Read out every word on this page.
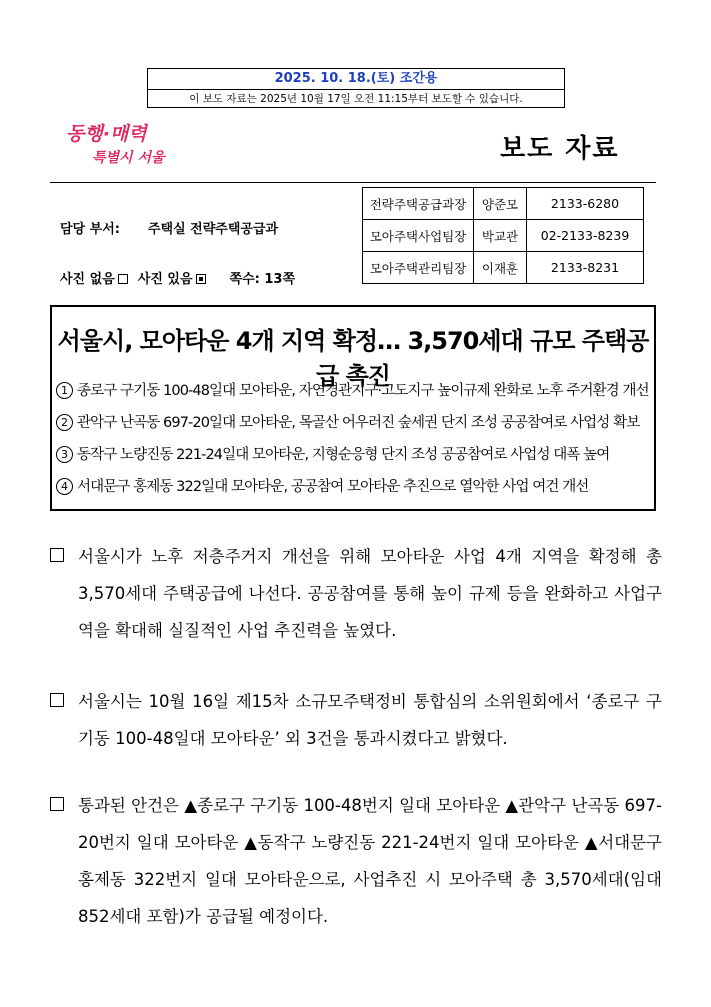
2025. 10. 18.(토) 조간용
이 보도 자료는 2025년 10월 17일 오전 11:15부터 보도할 수 있습니다.
동행·매력
특별시 서울	보도 자료
담당 부서: 주택실 전략주택공급과
사진 없음 사진 있음	쪽수: 13쪽
전략주택공급과장	양준모	2133-6280
모아주택사업팀장	박교관	02-2133-8239
모아주택관리팀장	이재훈	2133-8231
서울시, 모아타운 4개 지역 확정… 3,570세대 규모 주택공급 촉진
1 종로구 구기동 100-48일대 모아타운, 자연경관지구·고도지구 높이규제 완화로 노후 주거환경 개선
2 관악구 난곡동 697-20일대 모아타운, 목골산 어우러진 숲세권 단지 조성 공공참여로 사업성 확보
3 동작구 노량진동 221-24일대 모아타운, 지형순응형 단지 조성 공공참여로 사업성 대폭 높여
4 서대문구 홍제동 322일대 모아타운, 공공참여 모아타운 추진으로 열악한 사업 여건 개선
서울시가 노후 저층주거지 개선을 위해 모아타운 사업 4개 지역을 확정해 총 3,570세대 주택공급에 나선다. 공공참여를 통해 높이 규제 등을 완화하고 사업구역을 확대해 실질적인 사업 추진력을 높였다.
서울시는 10월 16일 제15차 소규모주택정비 통합심의 소위원회에서 ‘종로구 구기동 100-48일대 모아타운’ 외 3건을 통과시켰다고 밝혔다.
통과된 안건은 ▲종로구 구기동 100-48번지 일대 모아타운 ▲관악구 난곡동 697-20번지 일대 모아타운 ▲동작구 노량진동 221-24번지 일대 모아타운 ▲서대문구 홍제동 322번지 일대 모아타운으로, 사업추진 시 모아주택 총 3,570세대(임대 852세대 포함)가 공급될 예정이다.
